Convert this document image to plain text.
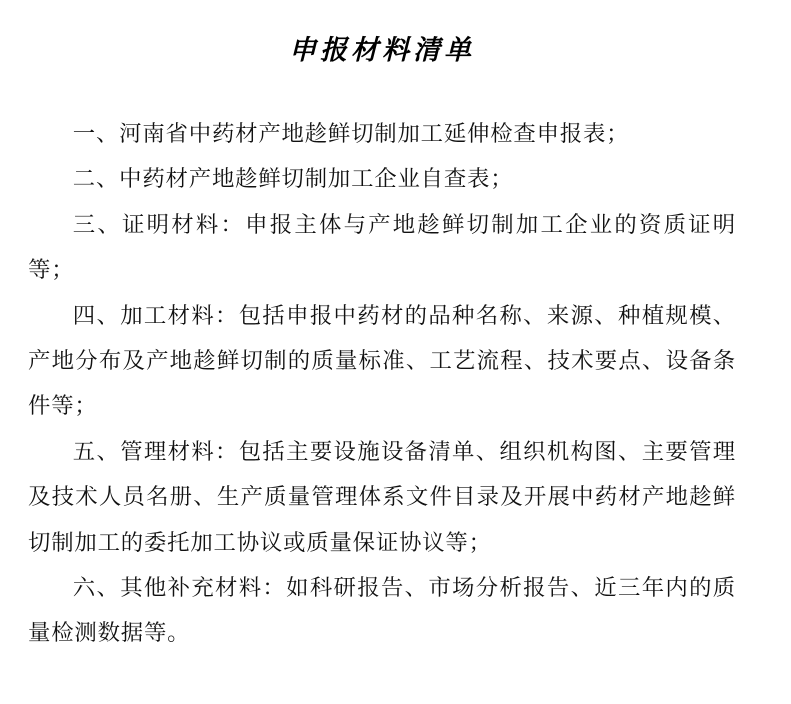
申报材料清单
一、河南省中药材产地趁鲜切制加工延伸检查申报表；
二、中药材产地趁鲜切制加工企业自查表；
三、证明材料：申报主体与产地趁鲜切制加工企业的资质证明等；
四、加工材料：包括申报中药材的品种名称、来源、种植规模、产地分布及产地趁鲜切制的质量标准、工艺流程、技术要点、设备条件等；
五、管理材料：包括主要设施设备清单、组织机构图、主要管理及技术人员名册、生产质量管理体系文件目录及开展中药材产地趁鲜切制加工的委托加工协议或质量保证协议等；
六、其他补充材料：如科研报告、市场分析报告、近三年内的质量检测数据等。
